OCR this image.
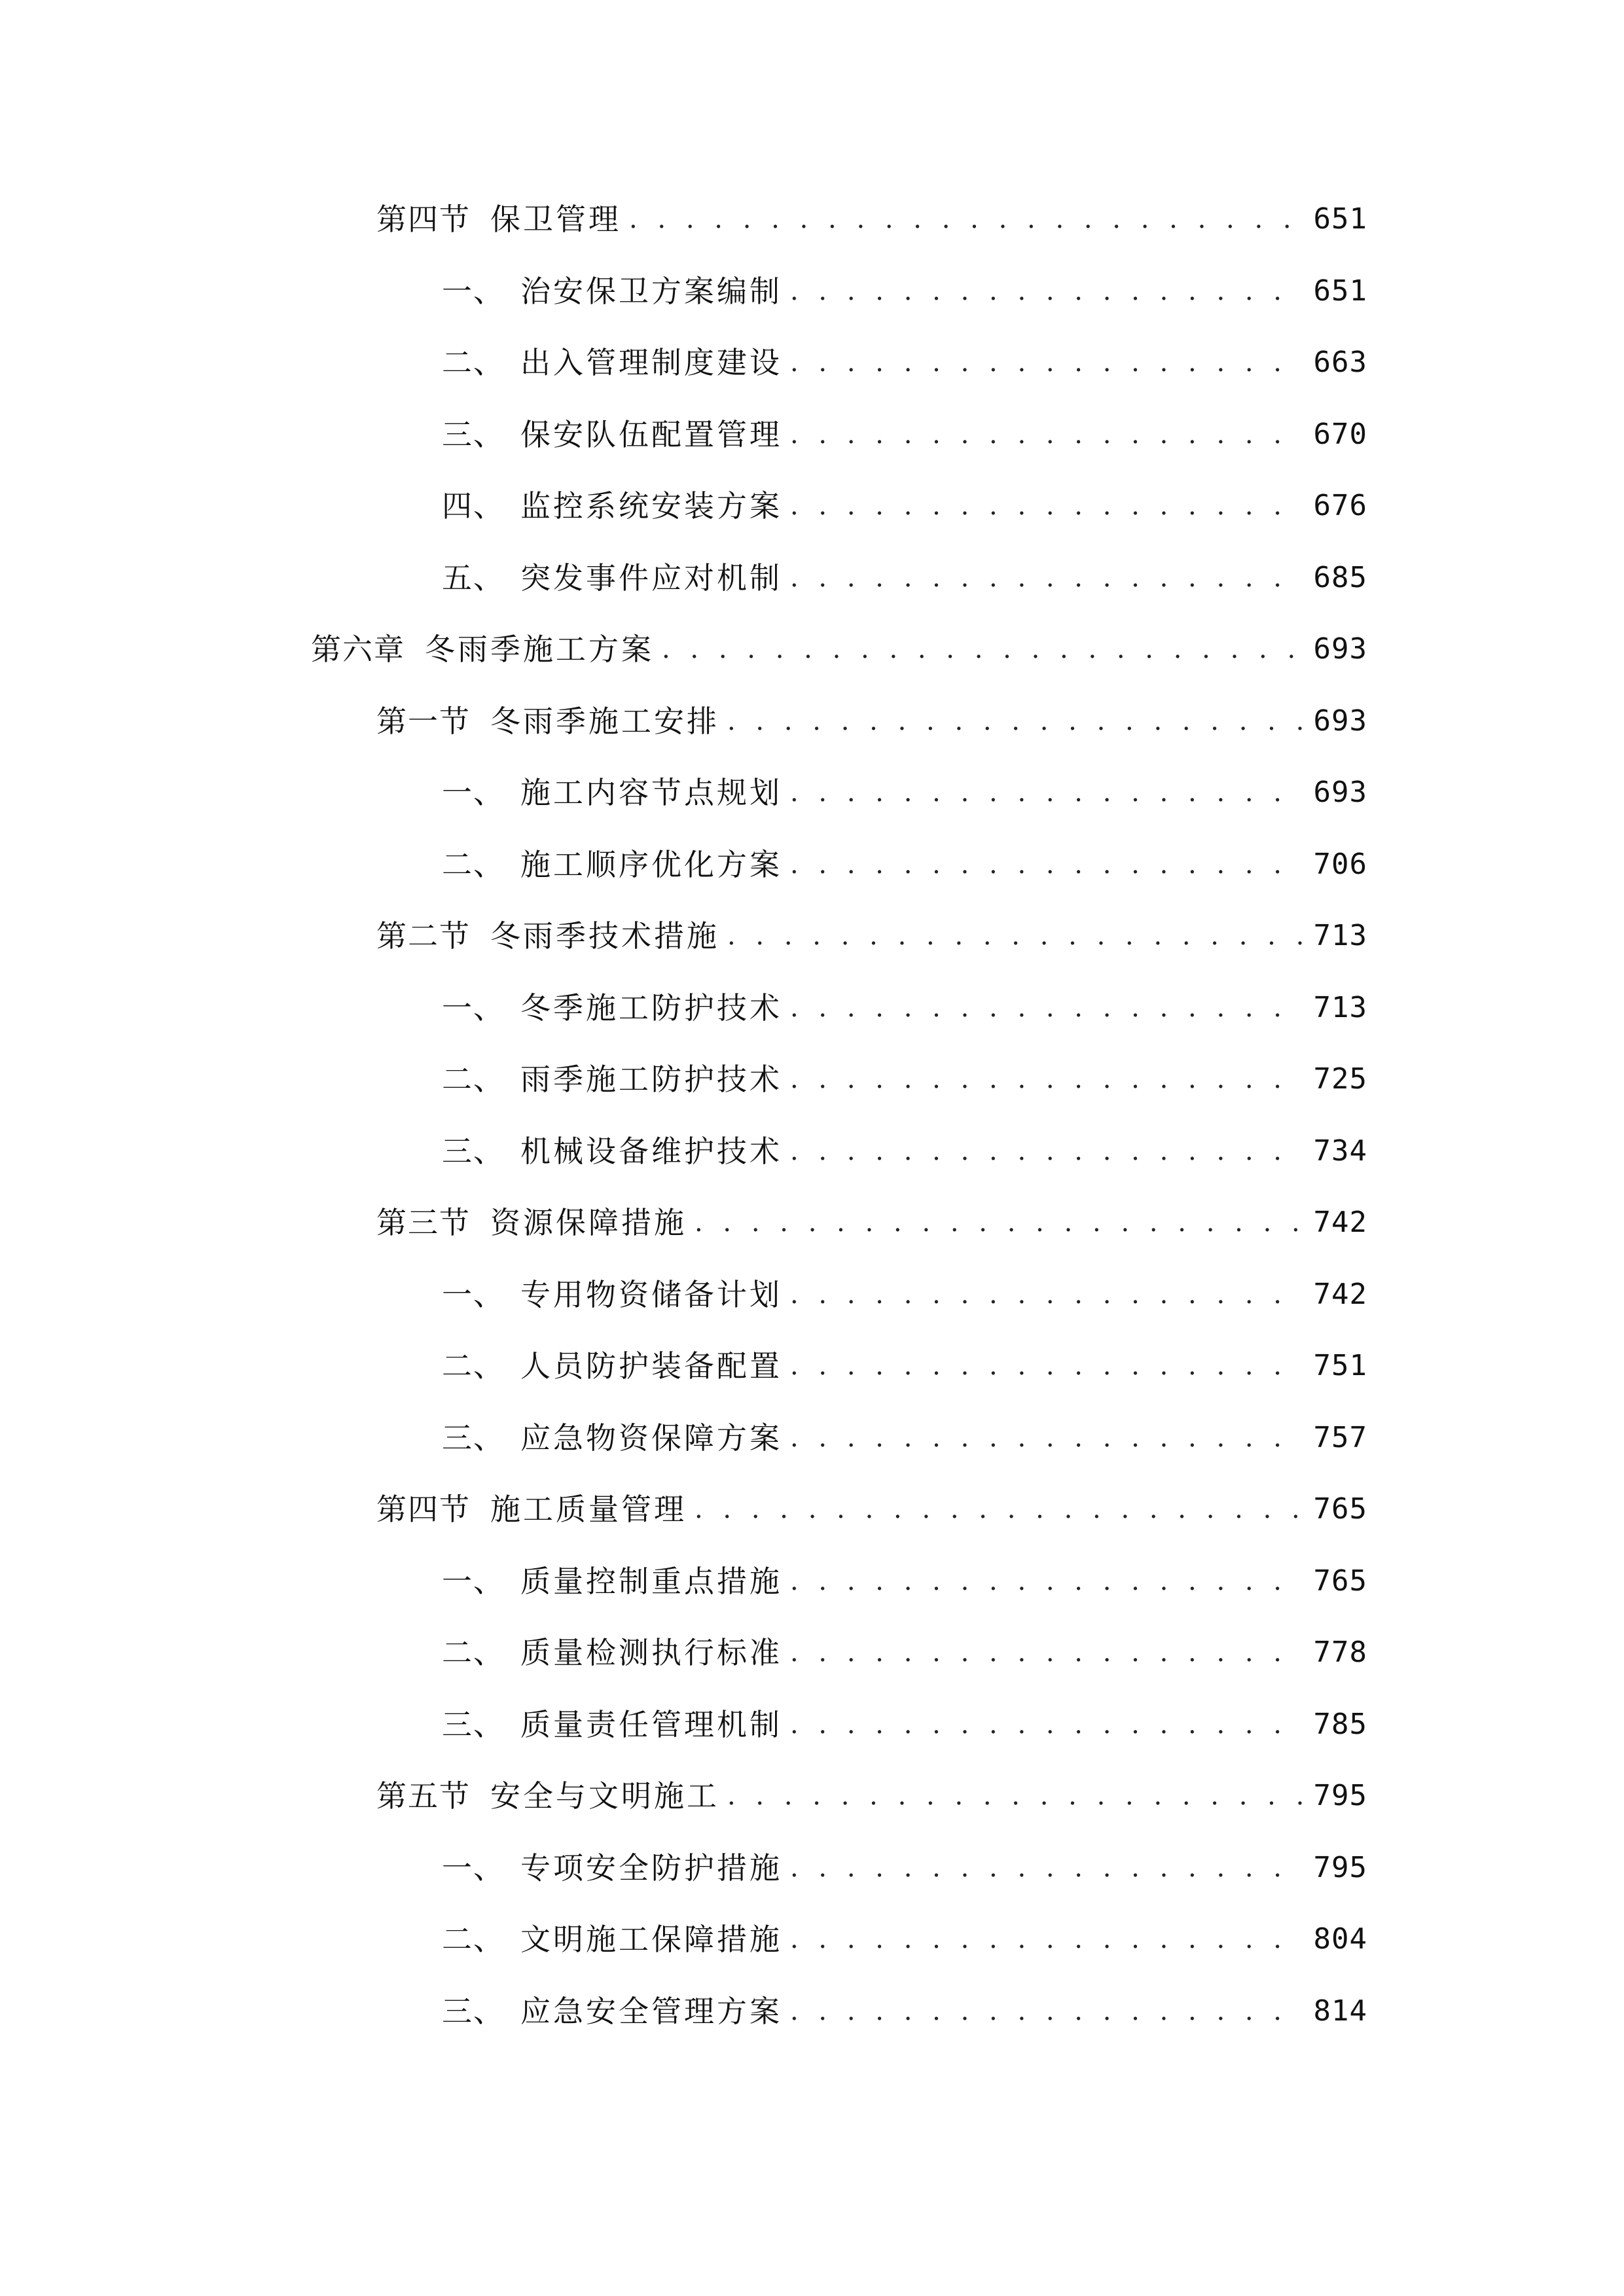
第四节 保卫管理 . . .	651
一、 治安保卫方案编制 . . .	651
二、 出入管理制度建设 . . .	663
三、 保安队伍配置管理 . . .	670
四、 监控系统安装方案 . . .	676
五、 突发事件应对机制 . . .	685
第六章 冬雨季施工方案 . . .	693
第一节 冬雨季施工安排 . . .	693
一、 施工内容节点规划 . . .	693
二、 施工顺序优化方案 . . .	706
第二节 冬雨季技术措施 . . .	713
一、 冬季施工防护技术 . . .	713
二、 雨季施工防护技术 . . .	725
三、 机械设备维护技术 . . .	734
第三节 资源保障措施 . . .	742
一、 专用物资储备计划 . . .	742
二、 人员防护装备配置 . . .	751
三、 应急物资保障方案 . . .	757
第四节 施工质量管理 . . .	765
一、 质量控制重点措施 . . .	765
二、 质量检测执行标准 . . .	778
三、 质量责任管理机制 . . .	785
第五节 安全与文明施工 . . .	795
一、 专项安全防护措施 . . .	795
二、 文明施工保障措施 . . .	804
三、 应急安全管理方案 . . .	814
